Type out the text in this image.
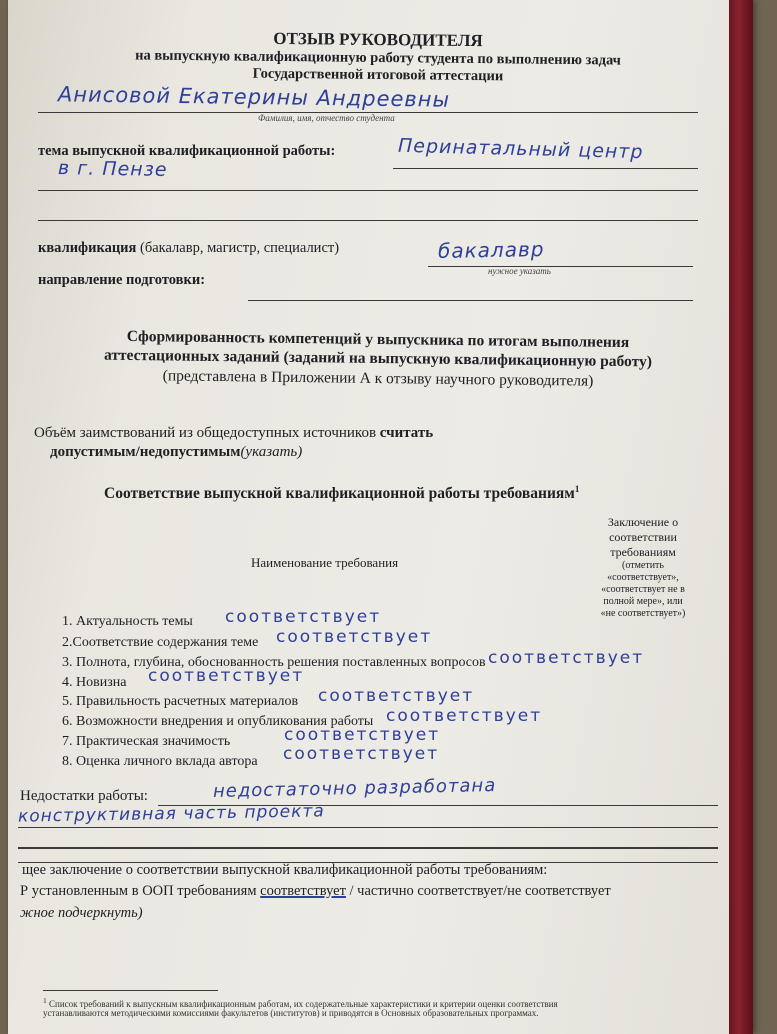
ОТЗЫВ РУКОВОДИТЕЛЯ
на выпускную квалификационную работу студента по выполнению задач
Государственной итоговой аттестации
Анисовой Екатерины Андреевны
Фамилия, имя, отчество студента
тема выпускной квалификационной работы:	Перинатальный центр
в г. Пензе
квалификация (бакалавр, магистр, специалист)	бакалавр
нужное указать
направление подготовки:
Сформированность компетенций у выпускника по итогам выполнения
аттестационных заданий (заданий на выпускную квалификационную работу)
(представлена в Приложении А к отзыву научного руководителя)
Объём заимствований из общедоступных источников считать
допустимым/недопустимым(указать)
Соответствие выпускной квалификационной работы требованиям$^1$
Наименование требования
Заключение о
соответствии
требованиям
(отметить
«соответствует»,
«соответствует не в
полной мере», или
«не соответствует»)
1. Актуальность темы соответствует
2.Соответствие содержания теме соответствует
3. Полнота, глубина, обоснованность решения поставленных вопросов соответствует
4. Новизна соответствует
5. Правильность расчетных материалов соответствует
6. Возможности внедрения и опубликования работы соответствует
7. Практическая значимость	соответствует
8. Оценка личного вклада автора соответствует
Недостатки работы:	недостаточно разработана
конструктивная часть проекта
щее заключение о соответствии выпускной квалификационной работы требованиям:
Р установленным в ООП требованиям соответствует / частично соответствует/не соответствует
жное подчеркнуть)
$^1$ Список требований к выпускным квалификационным работам, их содержательные характеристики и критерии оценки соответствия
устанавливаются методическими комиссиями факультетов (институтов) и приводятся в Основных образовательных программах.
